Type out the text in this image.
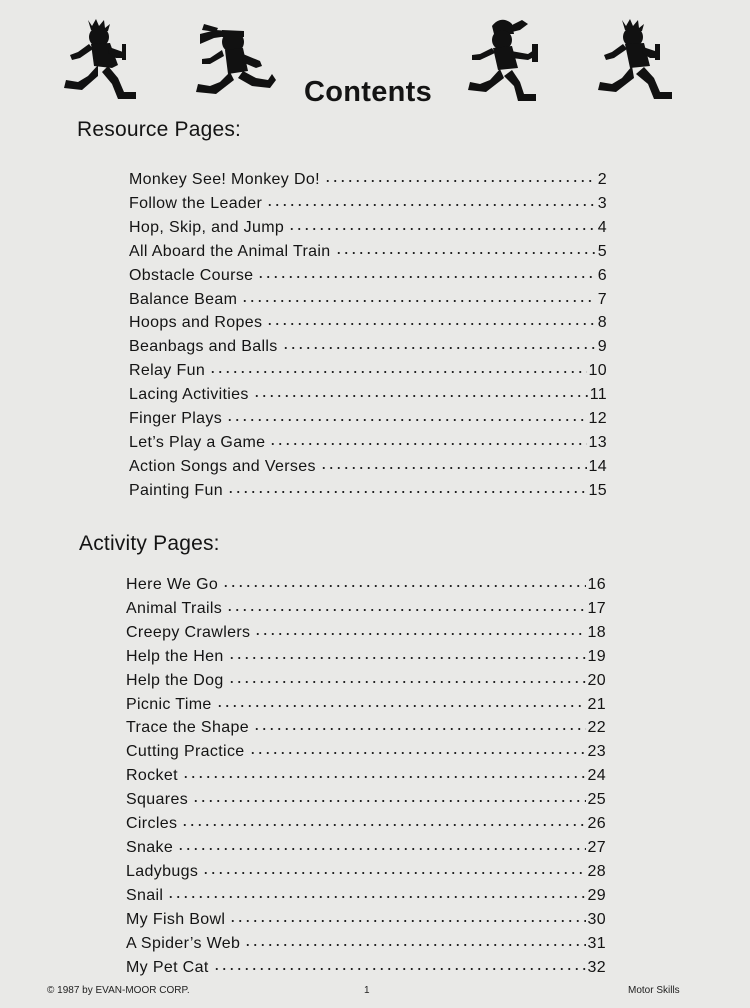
Contents
Resource Pages:
Monkey See! Monkey Do!	2
Follow the Leader	3
Hop, Skip, and Jump	4
All Aboard the Animal Train	5
Obstacle Course	6
Balance Beam	7
Hoops and Ropes	8
Beanbags and Balls	9
Relay Fun	10
Lacing Activities	11
Finger Plays	12
Let’s Play a Game	13
Action Songs and Verses	14
Painting Fun	15
Activity Pages:
Here We Go	16
Animal Trails	17
Creepy Crawlers	18
Help the Hen	19
Help the Dog	20
Picnic Time	21
Trace the Shape	22
Cutting Practice	23
Rocket	24
Squares	25
Circles	26
Snake	27
Ladybugs	28
Snail	29
My Fish Bowl	30
A Spider’s Web	31
My Pet Cat	32
© 1987 by EVAN-MOOR CORP.	1	Motor Skills
